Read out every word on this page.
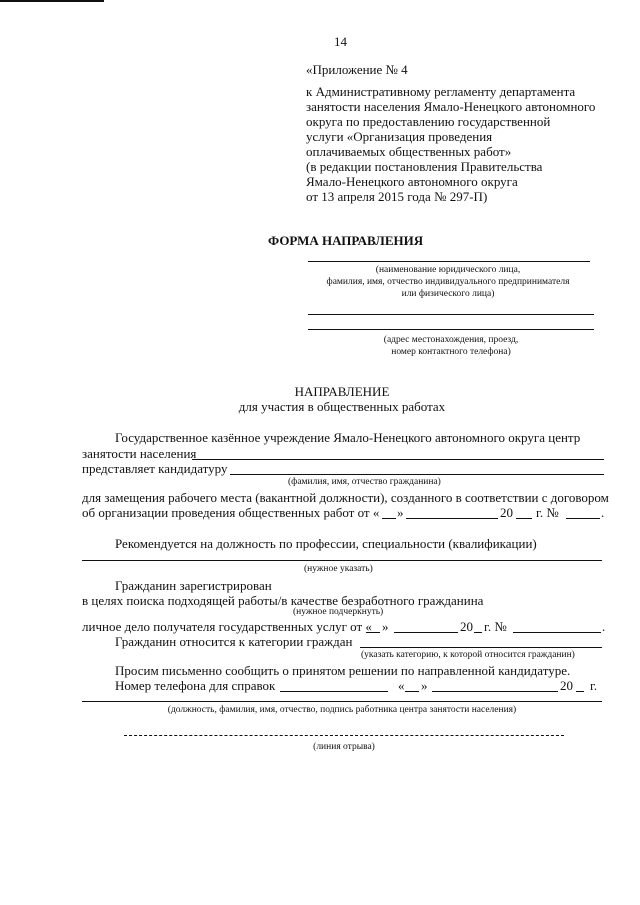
14
«Приложение № 4
к Административному регламенту департамента
занятости населения Ямало-Ненецкого автономного
округа по предоставлению государственной
услуги «Организация проведения
оплачиваемых общественных работ»
(в редакции постановления Правительства
Ямало-Ненецкого автономного округа
от 13 апреля 2015 года № 297-П)
ФОРМА НАПРАВЛЕНИЯ
(наименование юридического лица,
фамилия, имя, отчество индивидуального предпринимателя
или физического лица)
(адрес местонахождения, проезд,
номер контактного телефона)
НАПРАВЛЕНИЕ
для участия в общественных работах
Государственное казённое учреждение Ямало-Ненецкого автономного округа центр
занятости населения
представляет кандидатуру
(фамилия, имя, отчество гражданина)
для замещения рабочего места (вакантной должности), созданного в соответствии с договором
об организации проведения общественных работ от « »	20 г. №	.
Рекомендуется на должность по профессии, специальности (квалификации)
(нужное указать)
Гражданин зарегистрирован
в целях поиска подходящей работы/в качестве безработного гражданина
(нужное подчеркнуть)
личное дело получателя государственных услуг от « »	20 г. №	.
Гражданин относится к категории граждан
(указать категорию, к которой относится гражданин)
Просим письменно сообщить о принятом решении по направленной кандидатуре.
Номер телефона для справок	« »	20 г.
(должность, фамилия, имя, отчество, подпись работника центра занятости населения)
(линия отрыва)
